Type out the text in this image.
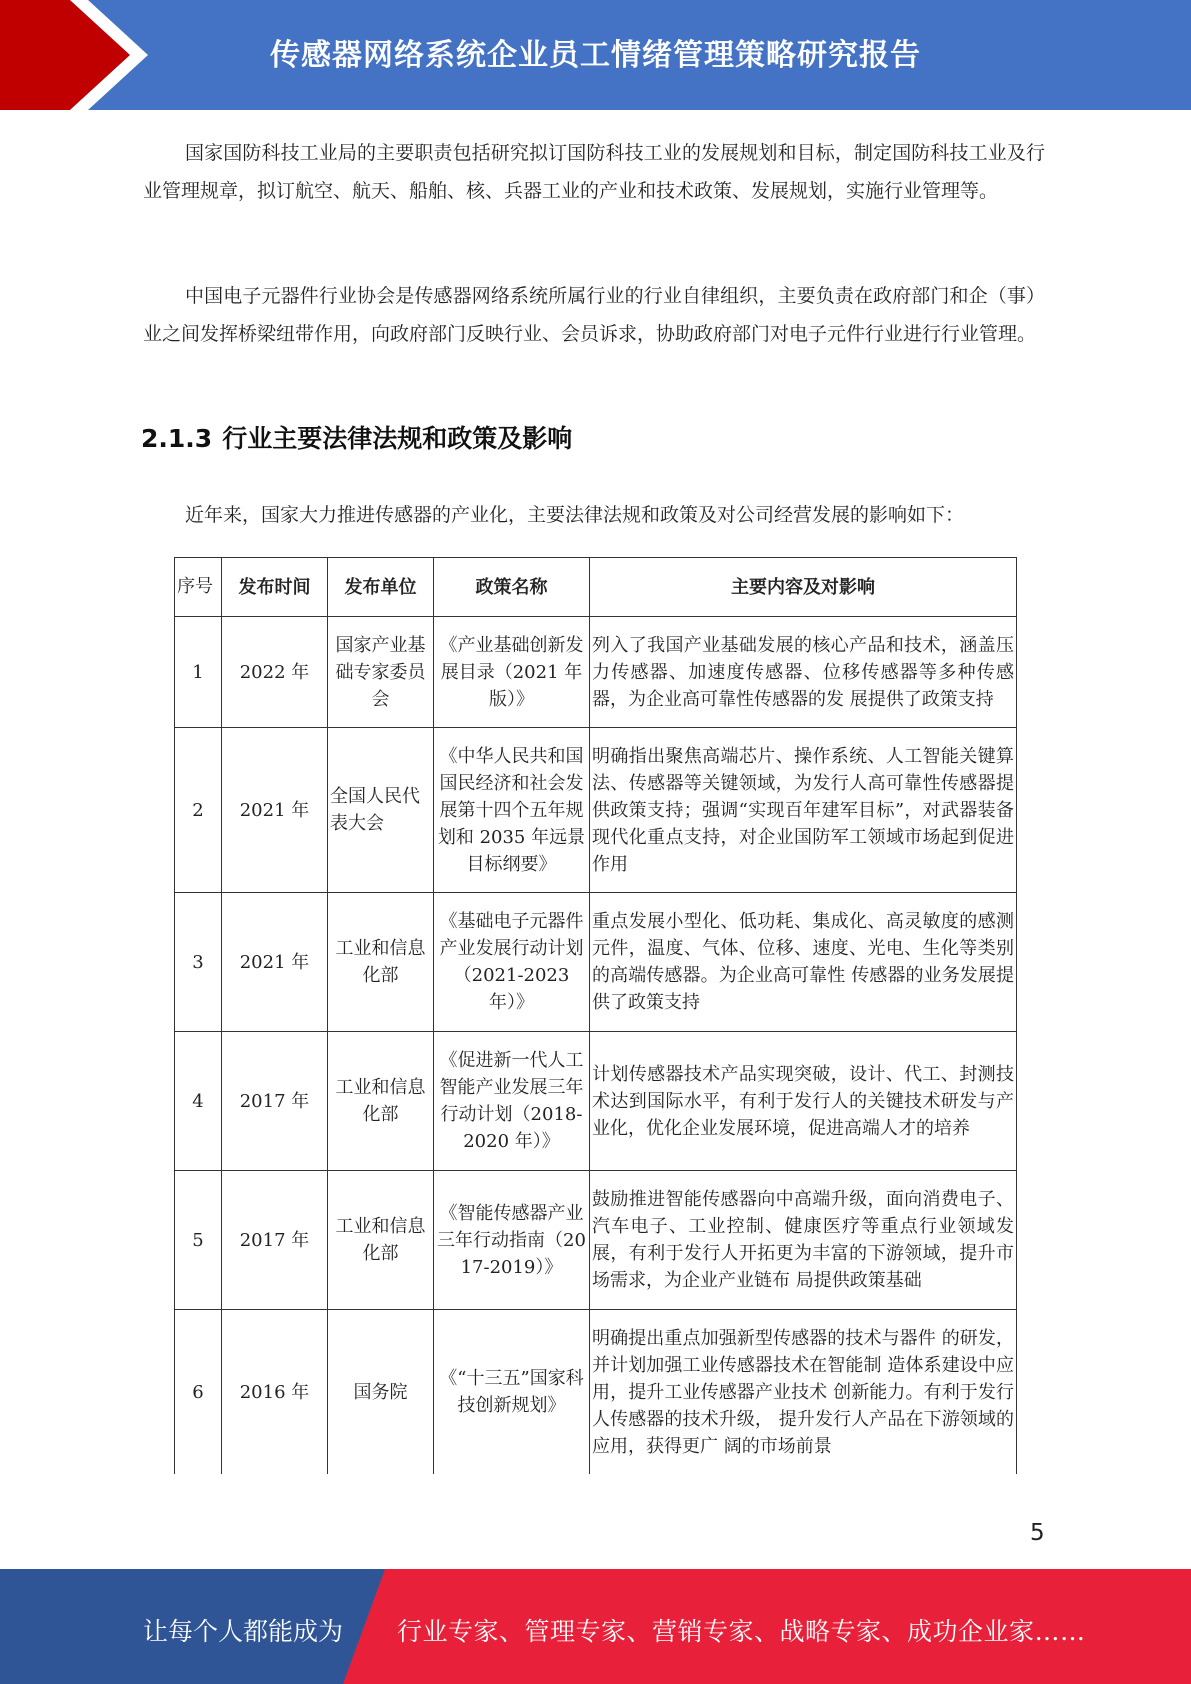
传感器网络系统企业员工情绪管理策略研究报告

国家国防科技工业局的主要职责包括研究拟订国防科技工业的发展规划和目标，制定国防科技工业及行业管理规章，拟订航空、航天、船舶、核、兵器工业的产业和技术政策、发展规划，实施行业管理等。

中国电子元器件行业协会是传感器网络系统所属行业的行业自律组织，主要负责在政府部门和企（事）业之间发挥桥梁纽带作用，向政府部门反映行业、会员诉求，协助政府部门对电子元件行业进行行业管理。

2.1.3 行业主要法律法规和政策及影响

近年来，国家大力推进传感器的产业化，主要法律法规和政策及对公司经营发展的影响如下：

序号	发布时间	发布单位	政策名称	主要内容及对影响
1	2022 年	国家产业基础专家委员会	《产业基础创新发展目录（2021 年版）》	列入了我国产业基础发展的核心产品和技术，涵盖压力传感器、加速度传感器、位移传感器等多种传感器，为企业高可靠性传感器的发 展提供了政策支持
2	2021 年	全国人民代表大会	《中华人民共和国国民经济和社会发展第十四个五年规划和 2035 年远景目标纲要》	明确指出聚焦高端芯片、操作系统、人工智能关键算法、传感器等关键领域，为发行人高可靠性传感器提供政策支持；强调“实现百年建军目标”，对武器装备现代化重点支持，对企业国防军工领域市场起到促进作用
3	2021 年	工业和信息化部	《基础电子元器件产业发展行动计划（2021-2023 年）》	重点发展小型化、低功耗、集成化、高灵敏度的感测元件，温度、气体、位移、速度、光电、生化等类别的高端传感器。为企业高可靠性 传感器的业务发展提供了政策支持
4	2017 年	工业和信息化部	《促进新一代人工智能产业发展三年行动计划（2018-2020 年）》	计划传感器技术产品实现突破，设计、代工、封测技术达到国际水平，有利于发行人的关键技术研发与产业化，优化企业发展环境，促进高端人才的培养
5	2017 年	工业和信息化部	《智能传感器产业三年行动指南（2017-2019）》	鼓励推进智能传感器向中高端升级，面向消费电子、汽车电子、工业控制、健康医疗等重点行业领域发展，有利于发行人开拓更为丰富的下游领域，提升市场需求，为企业产业链布 局提供政策基础
6	2016 年	国务院	《“十三五”国家科技创新规划》	明确提出重点加强新型传感器的技术与器件 的研发，并计划加强工业传感器技术在智能制 造体系建设中应用，提升工业传感器产业技术 创新能力。有利于发行人传感器的技术升级， 提升发行人产品在下游领域的应用，获得更广 阔的市场前景
5
让每个人都能成为 行业专家、管理专家、营销专家、战略专家、成功企业家……
